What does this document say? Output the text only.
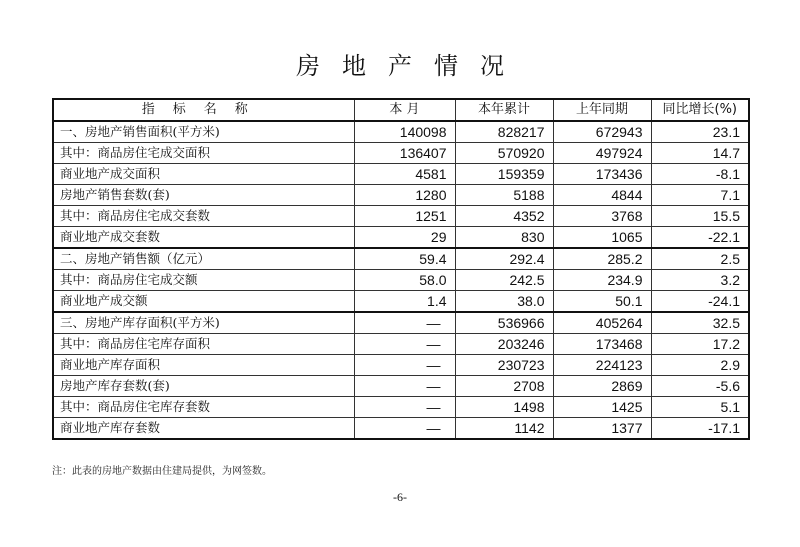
房地产情况
指标名称	本 月	本年累计	上年同期	同比增长(%)
一、房地产销售面积(平方米)	140098	828217	672943	23.1
其中：商品房住宅成交面积	136407	570920	497924	14.7
商业地产成交面积	4581	159359	173436	-8.1
房地产销售套数(套)	1280	5188	4844	7.1
其中：商品房住宅成交套数	1251	4352	3768	15.5
商业地产成交套数	29	830	1065	-22.1
二、房地产销售额（亿元）	59.4	292.4	285.2	2.5
其中：商品房住宅成交额	58.0	242.5	234.9	3.2
商业地产成交额	1.4	38.0	50.1	-24.1
三、房地产库存面积(平方米)	—	536966	405264	32.5
其中：商品房住宅库存面积	—	203246	173468	17.2
商业地产库存面积	—	230723	224123	2.9
房地产库存套数(套)	—	2708	2869	-5.6
其中：商品房住宅库存套数	—	1498	1425	5.1
商业地产库存套数	—	1142	1377	-17.1
注：此表的房地产数据由住建局提供，为网签数。
-6-
